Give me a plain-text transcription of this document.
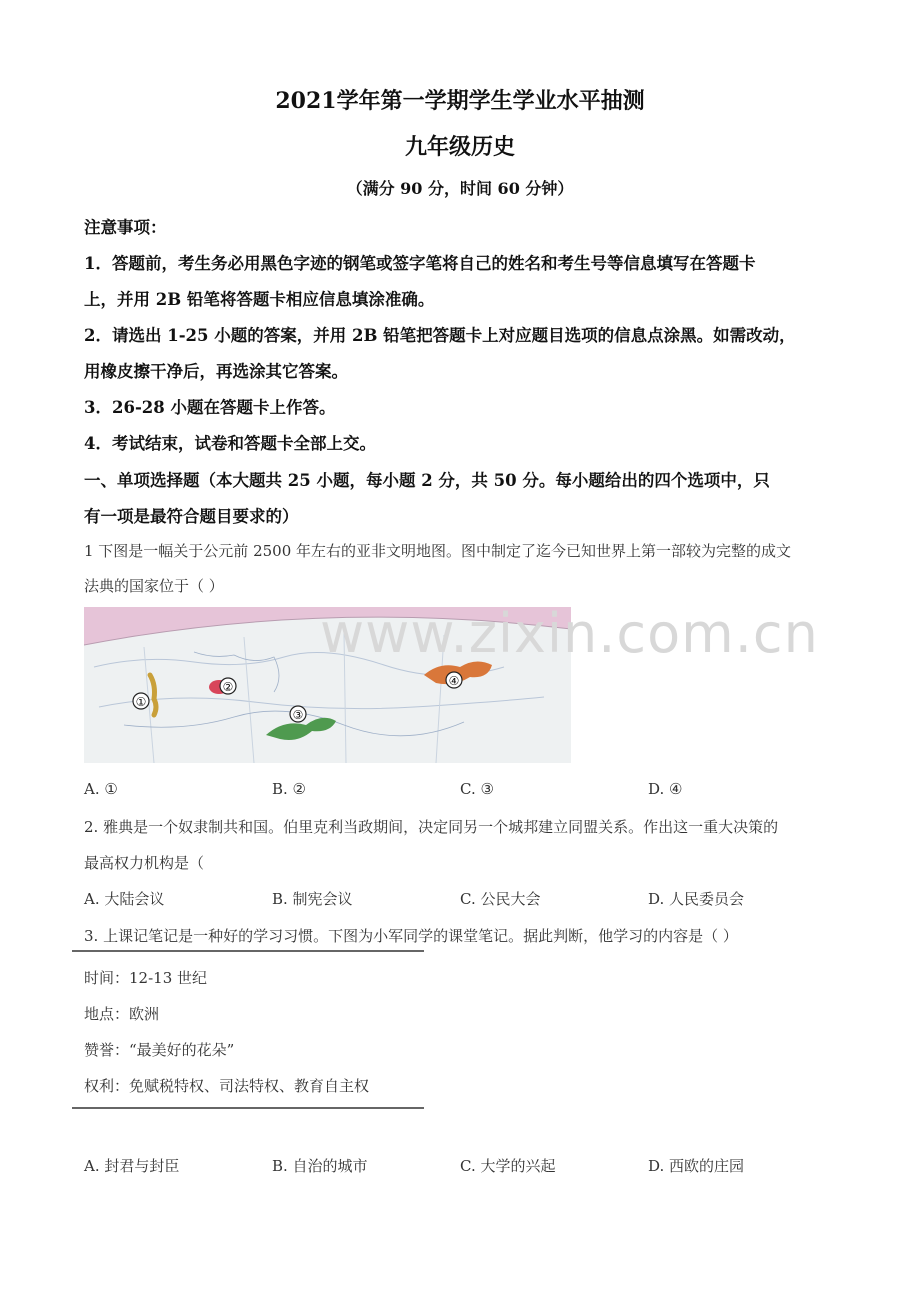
2021学年第一学期学生学业水平抽测
九年级历史
（满分 90 分，时间 60 分钟）
注意事项：
1．答题前，考生务必用黑色字迹的钢笔或签字笔将自己的姓名和考生号等信息填写在答题卡
上，并用 2B 铅笔将答题卡相应信息填涂准确。
2．请选出 1-25 小题的答案，并用 2B 铅笔把答题卡上对应题目选项的信息点涂黑。如需改动，
用橡皮擦干净后，再选涂其它答案。
3．26-28 小题在答题卡上作答。
4．考试结束，试卷和答题卡全部上交。
一、单项选择题（本大题共 25 小题，每小题 2 分，共 50 分。每小题给出的四个选项中，只
有一项是最符合题目要求的）
1 下图是一幅关于公元前 2500 年左右的亚非文明地图。图中制定了迄今已知世界上第一部较为完整的成文
法典的国家位于（ ）
①
②
③
④
www.zixin.com.cn
A. ①	B. ②	C. ③	D. ④
2. 雅典是一个奴隶制共和国。伯里克利当政期间，决定同另一个城邦建立同盟关系。作出这一重大决策的
最高权力机构是（
A. 大陆会议	B. 制宪会议	C. 公民大会	D. 人民委员会
3. 上课记笔记是一种好的学习习惯。下图为小军同学的课堂笔记。据此判断，他学习的内容是（ ）
时间：12-13 世纪
地点：欧洲
赞誉：“最美好的花朵”
权利：免赋税特权、司法特权、教育自主权
A. 封君与封臣	B. 自治的城市	C. 大学的兴起	D. 西欧的庄园
